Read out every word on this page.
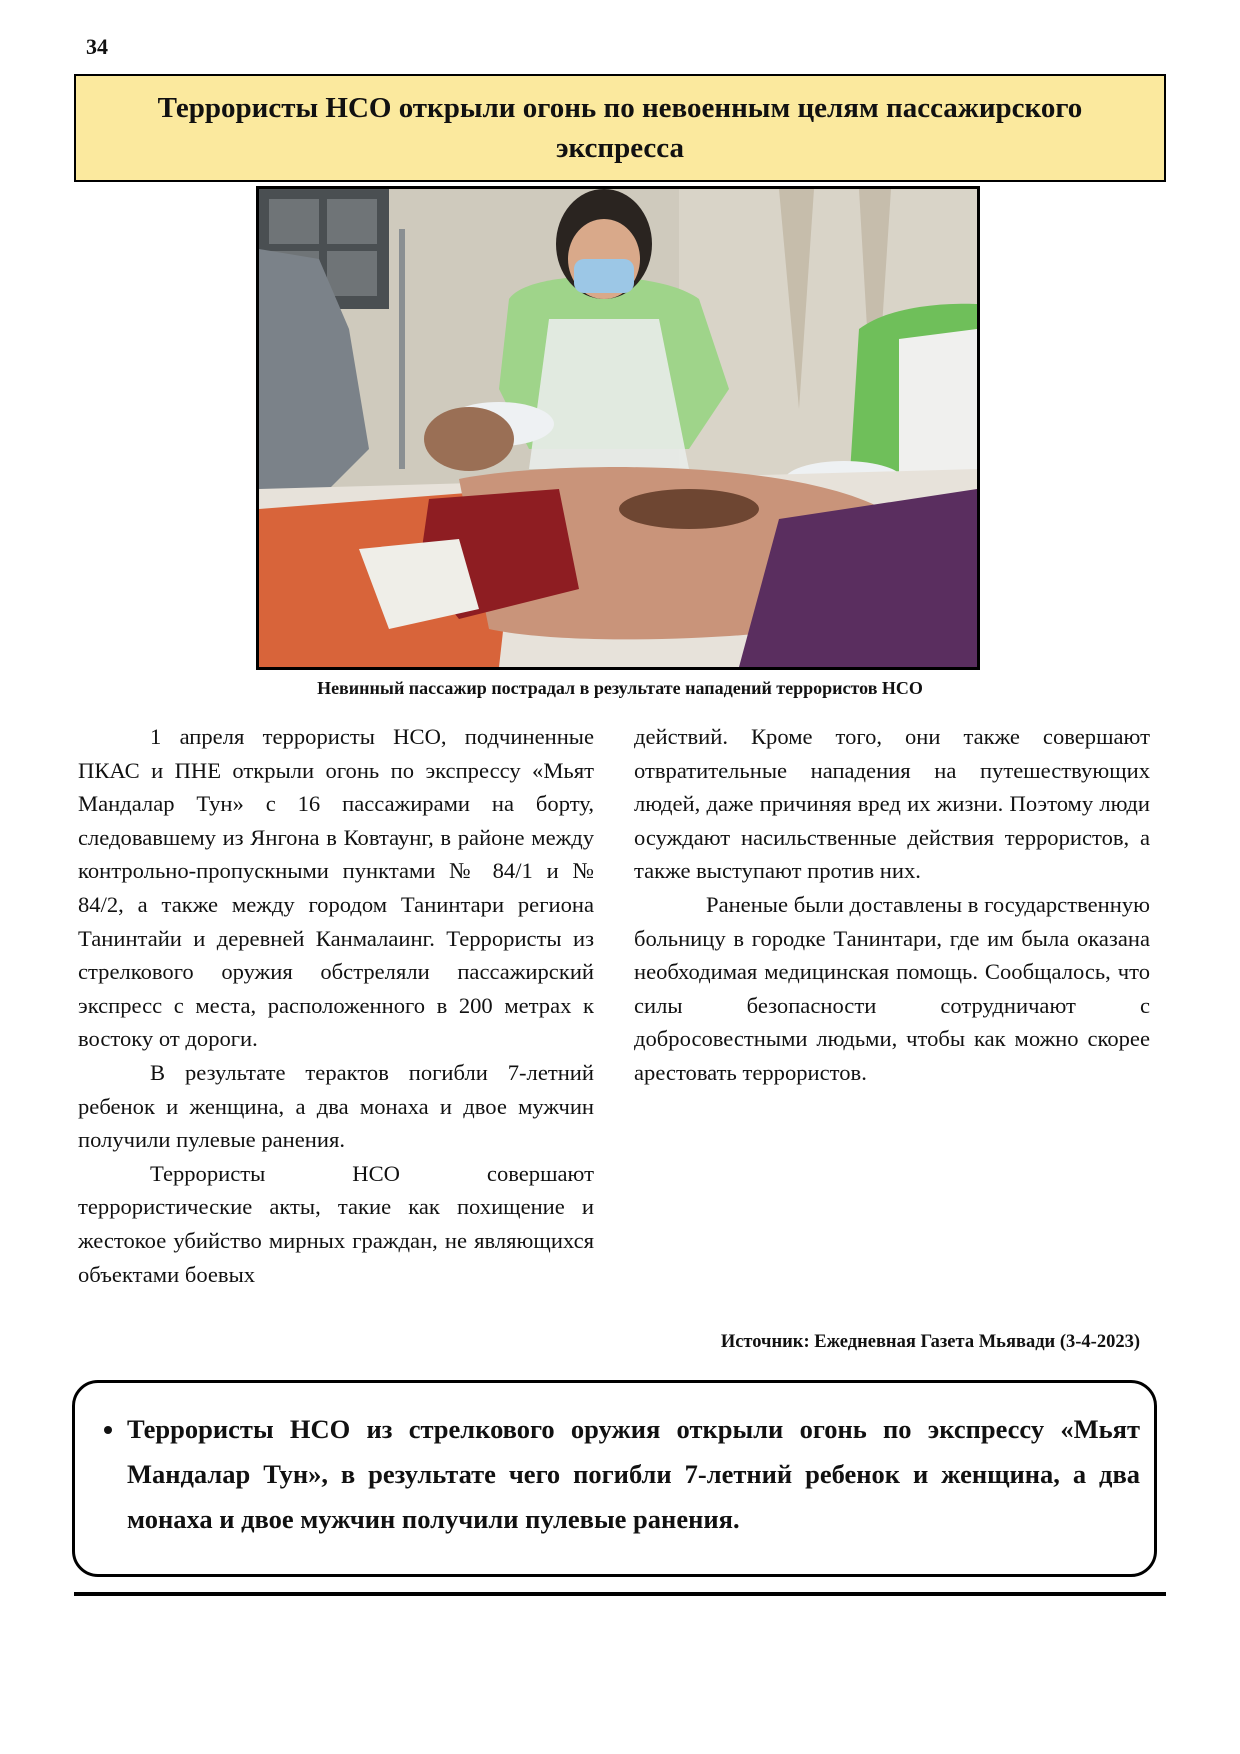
34
Террористы НСО открыли огонь по невоенным целям пассажирского экспресса
Невинный пассажир пострадал в результате нападений террористов НСО

1 апреля террористы НСО, подчиненные ПКАС и ПНЕ открыли огонь по экспрессу «Мьят Мандалар Тун» с 16 пассажирами на борту, следовавшему из Янгона в Ковтаунг, в районе между контрольно-пропускными пунктами № 84/1 и № 84/2, а также между городом Танинтари региона Танинтайи и деревней Канмалаинг. Террористы из стрелкового оружия обстреляли пассажирский экспресс с места, расположенного в 200 метрах к востоку от дороги.

В результате терактов погибли 7-летний ребенок и женщина, а два монаха и двое мужчин получили пулевые ранения.

Террористы НСО совершают террористические акты, такие как похищение и жестокое убийство мирных граждан, не являющихся объектами боевых

действий. Кроме того, они также совершают отвратительные нападения на путешествующих людей, даже причиняя вред их жизни. Поэтому люди осуждают насильственные действия террористов, а также выступают против них.

Раненые были доставлены в государственную больницу в городке Танинтари, где им была оказана необходимая медицинская помощь. Сообщалось, что силы безопасности сотрудничают с добросовестными людьми, чтобы как можно скорее арестовать террористов.

Источник: Ежедневная Газета Мьявади (3-4-2023)
• Террористы НСО из стрелкового оружия открыли огонь по экспрессу «Мьят Мандалар Тун», в результате чего погибли 7-летний ребенок и женщина, а два монаха и двое мужчин получили пулевые ранения.
